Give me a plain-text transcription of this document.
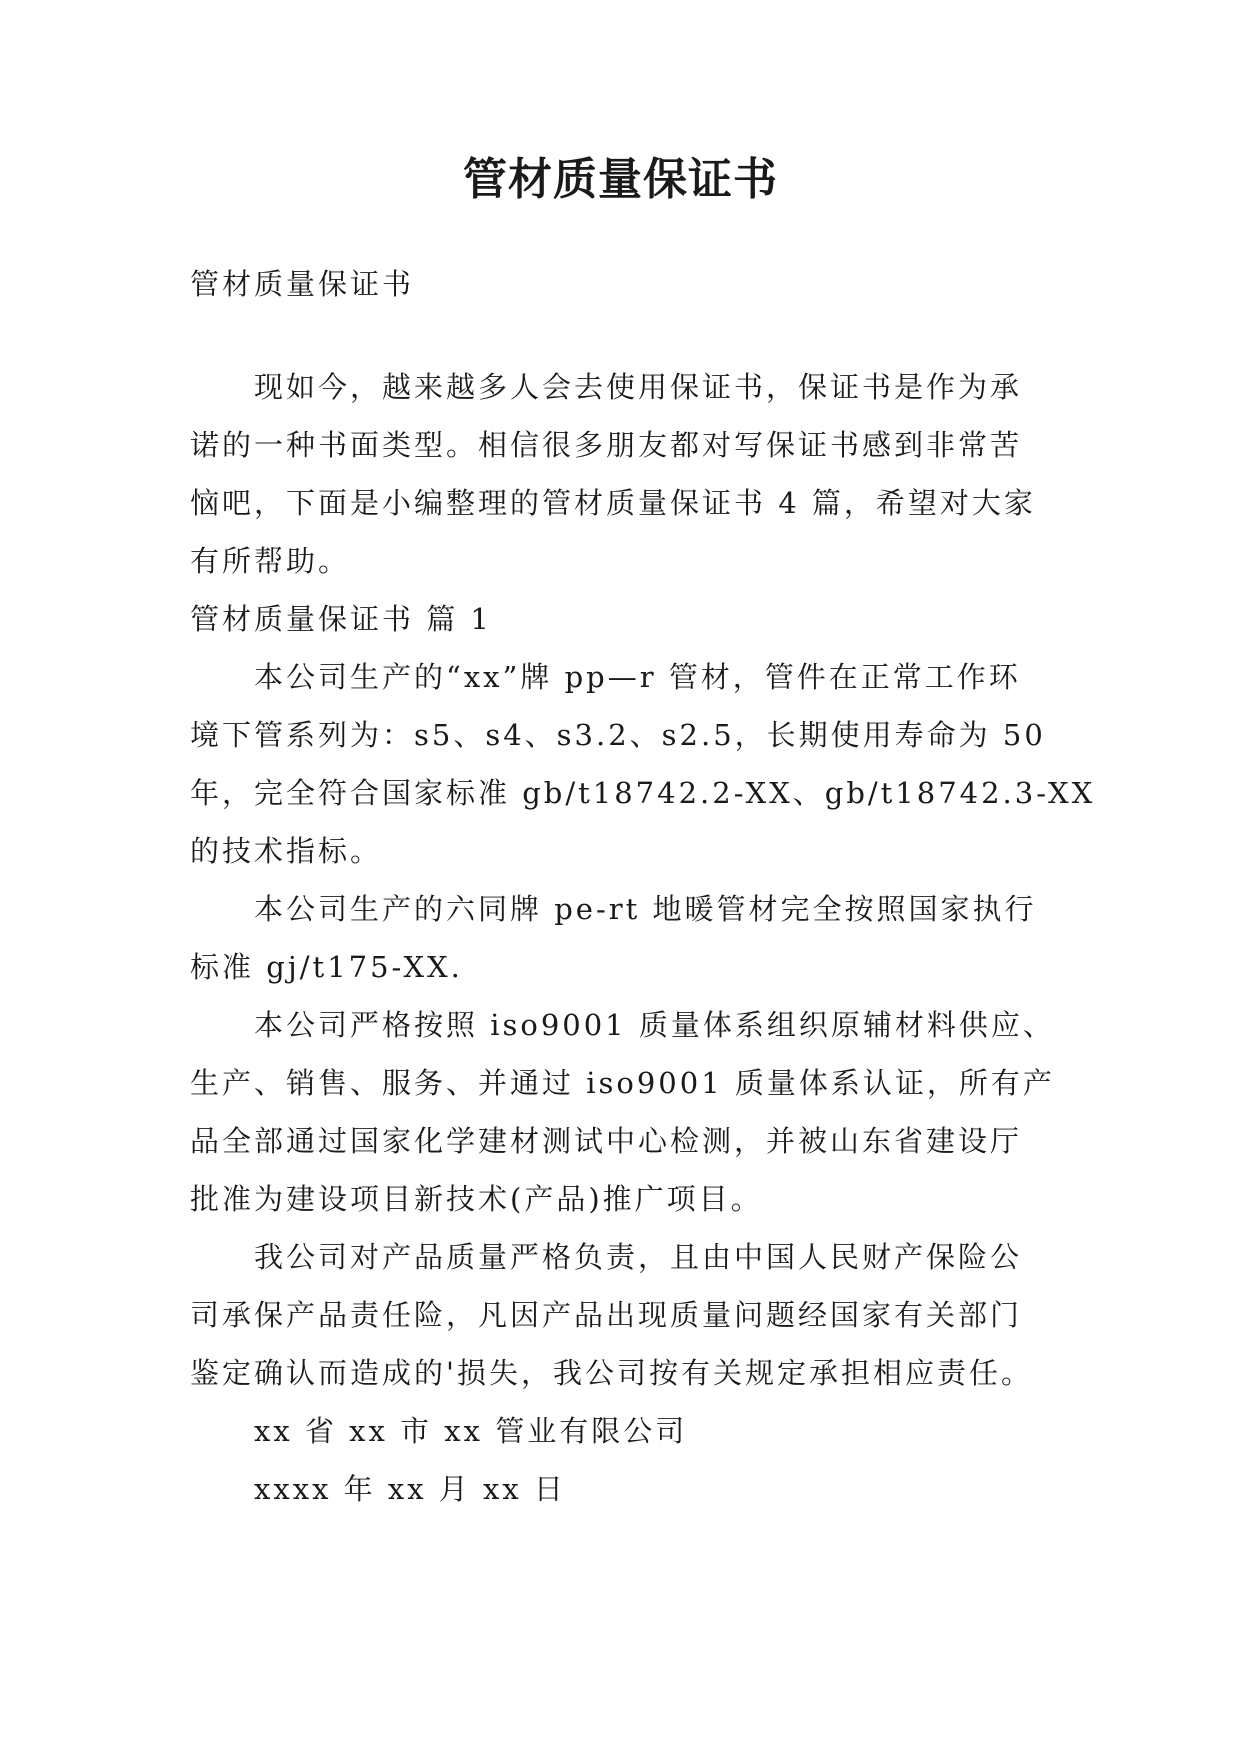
管材质量保证书

管材质量保证书

现如今，越来越多人会去使用保证书，保证书是作为承

诺的一种书面类型。相信很多朋友都对写保证书感到非常苦

恼吧，下面是小编整理的管材质量保证书 4 篇，希望对大家

有所帮助。

管材质量保证书 篇 1

本公司生产的“xx”牌 pp—r 管材，管件在正常工作环

境下管系列为：s5、s4、s3.2、s2.5，长期使用寿命为 50

年，完全符合国家标准 gb/t18742.2-XX、gb/t18742.3-XX

的技术指标。

本公司生产的六同牌 pe-rt 地暖管材完全按照国家执行

标准 gj/t175-XX.

本公司严格按照 iso9001 质量体系组织原辅材料供应、

生产、销售、服务、并通过 iso9001 质量体系认证，所有产

品全部通过国家化学建材测试中心检测，并被山东省建设厅

批准为建设项目新技术(产品)推广项目。

我公司对产品质量严格负责，且由中国人民财产保险公

司承保产品责任险，凡因产品出现质量问题经国家有关部门

鉴定确认而造成的'损失，我公司按有关规定承担相应责任。

xx 省 xx 市 xx 管业有限公司

xxxx 年 xx 月 xx 日
